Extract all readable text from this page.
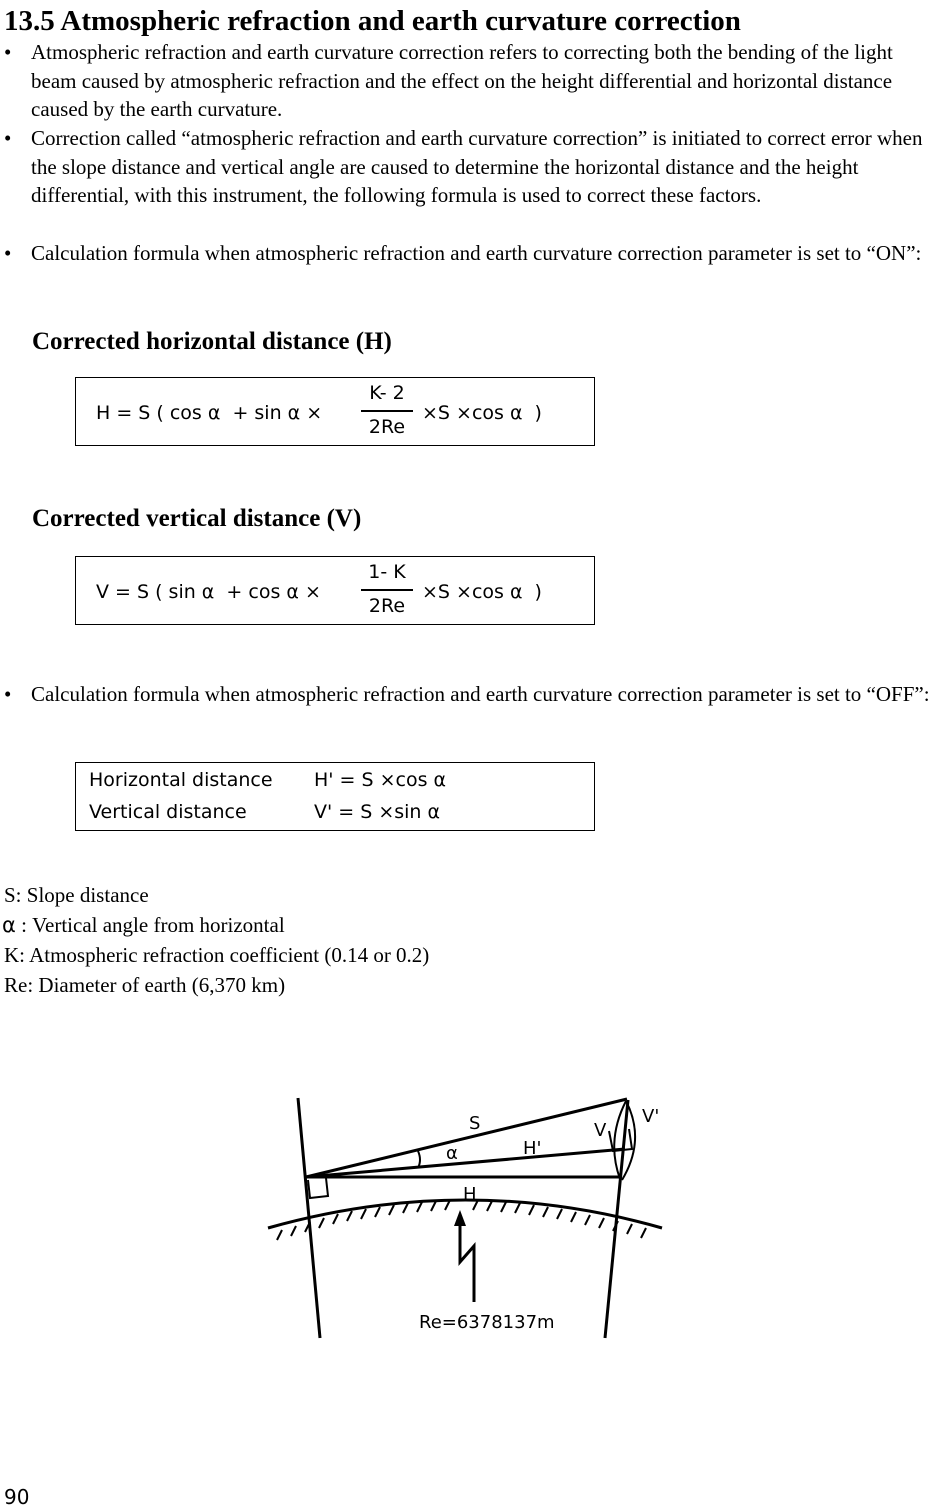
13.5 Atmospheric refraction and earth curvature correction
• Atmospheric refraction and earth curvature correction refers to correcting both the bending of the light beam caused by atmospheric refraction and the effect on the height differential and horizontal distance caused by the earth curvature.
• Correction called “atmospheric refraction and earth curvature correction” is initiated to correct error when the slope distance and vertical angle are caused to determine the horizontal distance and the height differential, with this instrument, the following formula is used to correct these factors.
• Calculation formula when atmospheric refraction and earth curvature correction parameter is set to “ON”:
Corrected horizontal distance (H)
H = S ( cos α  + sin α ×
K- 2
2Re
×S ×cos α  )
Corrected vertical distance (V)
V = S ( sin α  + cos α ×
1- K
2Re
×S ×cos α  )
• Calculation formula when atmospheric refraction and earth curvature correction parameter is set to “OFF”:
Horizontal distance H' = S ×cos α
Vertical distance	V' = S ×sin α
S: Slope distance
α : Vertical angle from horizontal
K: Atmospheric refraction coefficient (0.14 or 0.2)
Re: Diameter of earth (6,370 km)
S
α	H'
V
V'
H
Re=6378137m
90
